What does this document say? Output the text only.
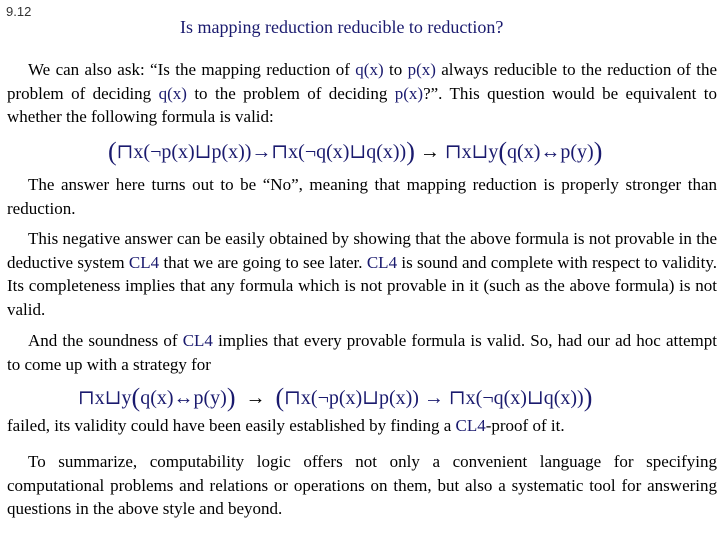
9.12
Is mapping reduction reducible to reduction?
We can also ask: “Is the mapping reduction of q(x) to p(x) always reducible to the reduction of the problem of deciding q(x) to the problem of deciding p(x)?”. This question would be equivalent to whether the following formula is valid:
(⊓x(¬p(x)⊔p(x))→⊓x(¬q(x)⊔q(x))) → ⊓x⊔y(q(x)↔p(y))
The answer here turns out to be “No”, meaning that mapping reduction is properly stronger than reduction.
This negative answer can be easily obtained by showing that the above formula is not provable in the deductive system CL4 that we are going to see later. CL4 is sound and complete with respect to validity. Its completeness implies that any formula which is not provable in it (such as the above formula) is not valid.
And the soundness of CL4 implies that every provable formula is valid. So, had our ad hoc attempt to come up with a strategy for
⊓x⊔y(q(x)↔p(y))  →  (⊓x(¬p(x)⊔p(x)) → ⊓x(¬q(x)⊔q(x)))
failed, its validity could have been easily established by finding a CL4-proof of it.
To summarize, computability logic offers not only a convenient language for specifying computational problems and relations or operations on them, but also a systematic tool for answering questions in the above style and beyond.
